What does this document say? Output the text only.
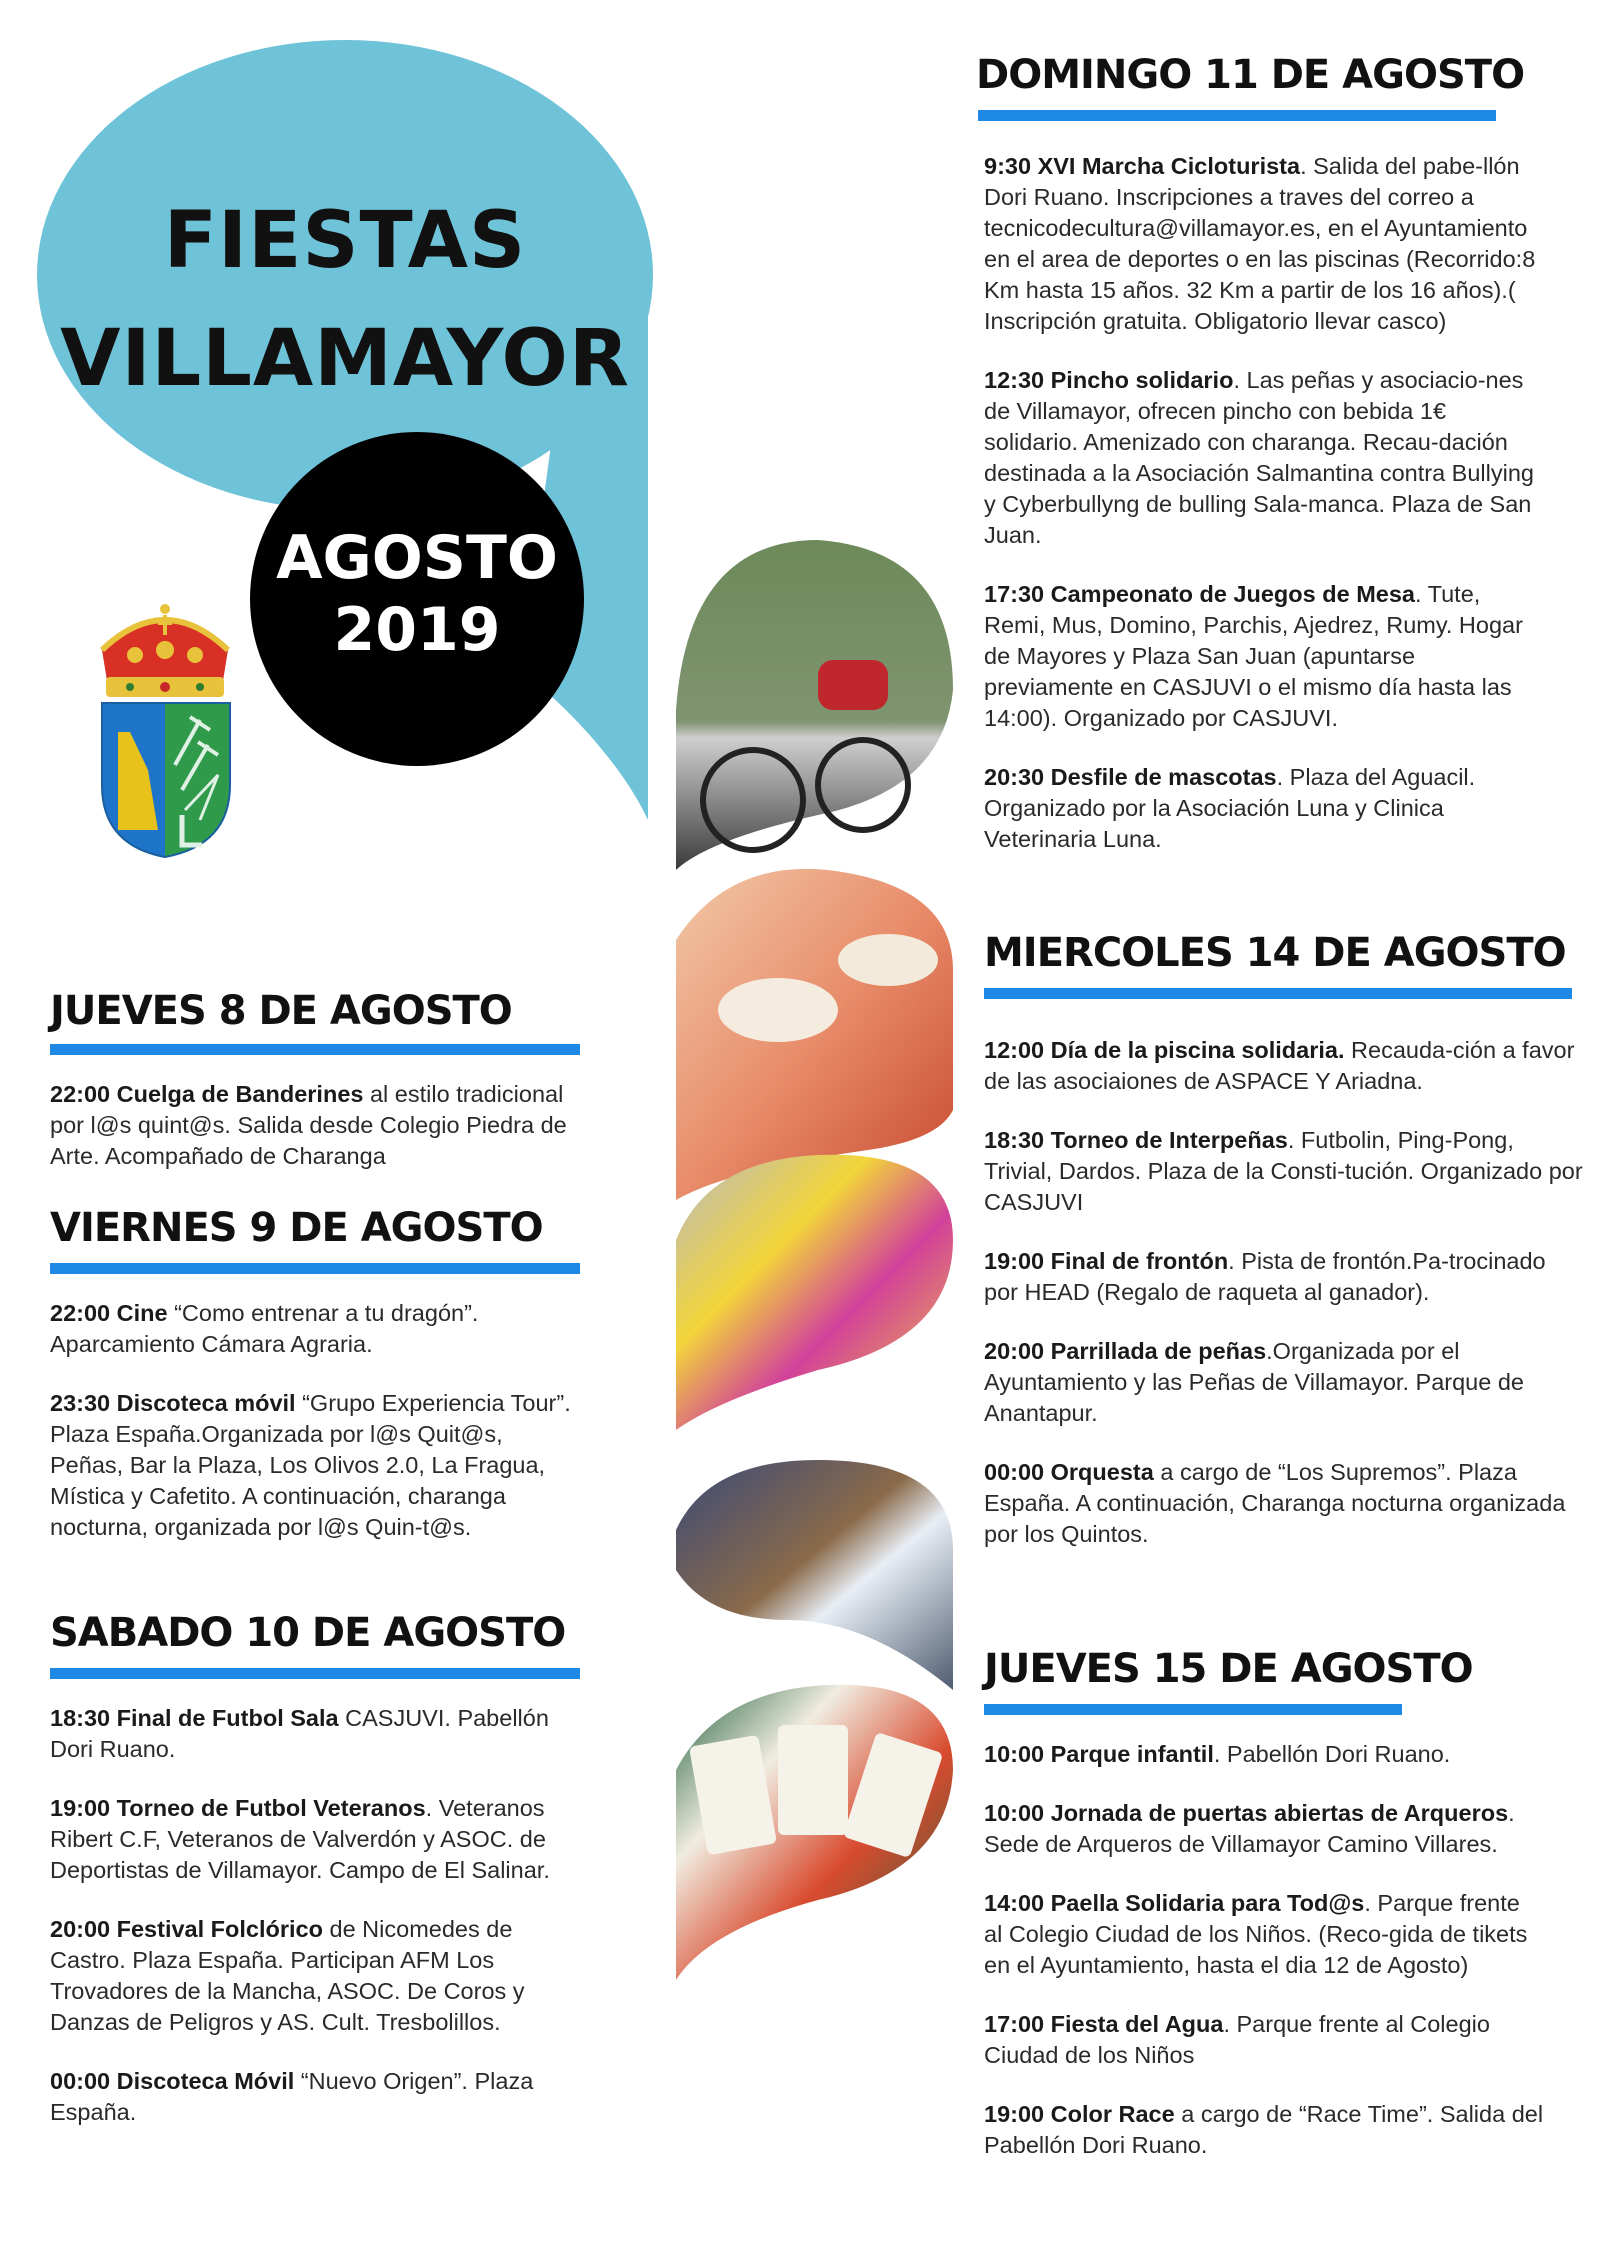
FIESTAS
VILLAMAYOR
AGOSTO
2019
JUEVES 8 DE AGOSTO

22:00 Cuelga de Banderines al estilo tradicional por l@s quint@s. Salida desde Colegio Piedra de Arte. Acompañado de Charanga

VIERNES 9 DE AGOSTO

22:00 Cine “Como entrenar a tu dragón”. Aparcamiento Cámara Agraria.

23:30 Discoteca móvil “Grupo Experiencia Tour”. Plaza España.Organizada por l@s Quit@s, Peñas, Bar la Plaza, Los Olivos 2.0, La Fragua, Mística y Cafetito. A continuación, charanga nocturna, organizada por l@s Quin-t@s.

SABADO 10 DE AGOSTO

18:30 Final de Futbol Sala CASJUVI. Pabellón Dori Ruano.

19:00 Torneo de Futbol Veteranos. Veteranos Ribert C.F, Veteranos de Valverdón y ASOC. de Deportistas de Villamayor. Campo de El Salinar.

20:00 Festival Folclórico de Nicomedes de Castro. Plaza España. Participan AFM Los Trovadores de la Mancha, ASOC. De Coros y Danzas de Peligros y AS. Cult. Tresbolillos.

00:00 Discoteca Móvil “Nuevo Origen”. Plaza España.

DOMINGO 11 DE AGOSTO

9:30 XVI Marcha Cicloturista. Salida del pabe-llón Dori Ruano. Inscripciones a traves del correo a tecnicodecultura@villamayor.es, en el Ayuntamiento en el area de deportes o en las piscinas (Recorrido:8 Km hasta 15 años. 32 Km a partir de los 16 años).( Inscripción gratuita. Obligatorio llevar casco)

12:30 Pincho solidario. Las peñas y asociacio-nes de Villamayor, ofrecen pincho con bebida 1€ solidario. Amenizado con charanga. Recau-dación destinada a la Asociación Salmantina contra Bullying y Cyberbullyng de bulling Sala-manca. Plaza de San Juan.

17:30 Campeonato de Juegos de Mesa. Tute, Remi, Mus, Domino, Parchis, Ajedrez, Rumy. Hogar de Mayores y Plaza San Juan (apuntarse previamente en CASJUVI o el mismo día hasta las 14:00). Organizado por CASJUVI.

20:30 Desfile de mascotas. Plaza del Aguacil. Organizado por la Asociación Luna y Clinica Veterinaria Luna.

MIERCOLES 14 DE AGOSTO

12:00 Día de la piscina solidaria. Recauda-ción a favor de las asociaiones de ASPACE Y Ariadna.

18:30 Torneo de Interpeñas. Futbolin, Ping-Pong, Trivial, Dardos. Plaza de la Consti-tución. Organizado por CASJUVI

19:00 Final de frontón. Pista de frontón.Pa-trocinado por HEAD (Regalo de raqueta al ganador).

20:00 Parrillada de peñas.Organizada por el Ayuntamiento y las Peñas de Villamayor. Parque de Anantapur.

00:00 Orquesta a cargo de “Los Supremos”. Plaza España. A continuación, Charanga nocturna organizada por los Quintos.

JUEVES 15 DE AGOSTO

10:00 Parque infantil. Pabellón Dori Ruano.

10:00 Jornada de puertas abiertas de Arqueros. Sede de Arqueros de Villamayor Camino Villares.

14:00 Paella Solidaria para Tod@s. Parque frente al Colegio Ciudad de los Niños. (Reco-gida de tikets en el Ayuntamiento, hasta el dia 12 de Agosto)

17:00 Fiesta del Agua. Parque frente al Colegio Ciudad de los Niños

19:00 Color Race a cargo de “Race Time”. Salida del Pabellón Dori Ruano.
